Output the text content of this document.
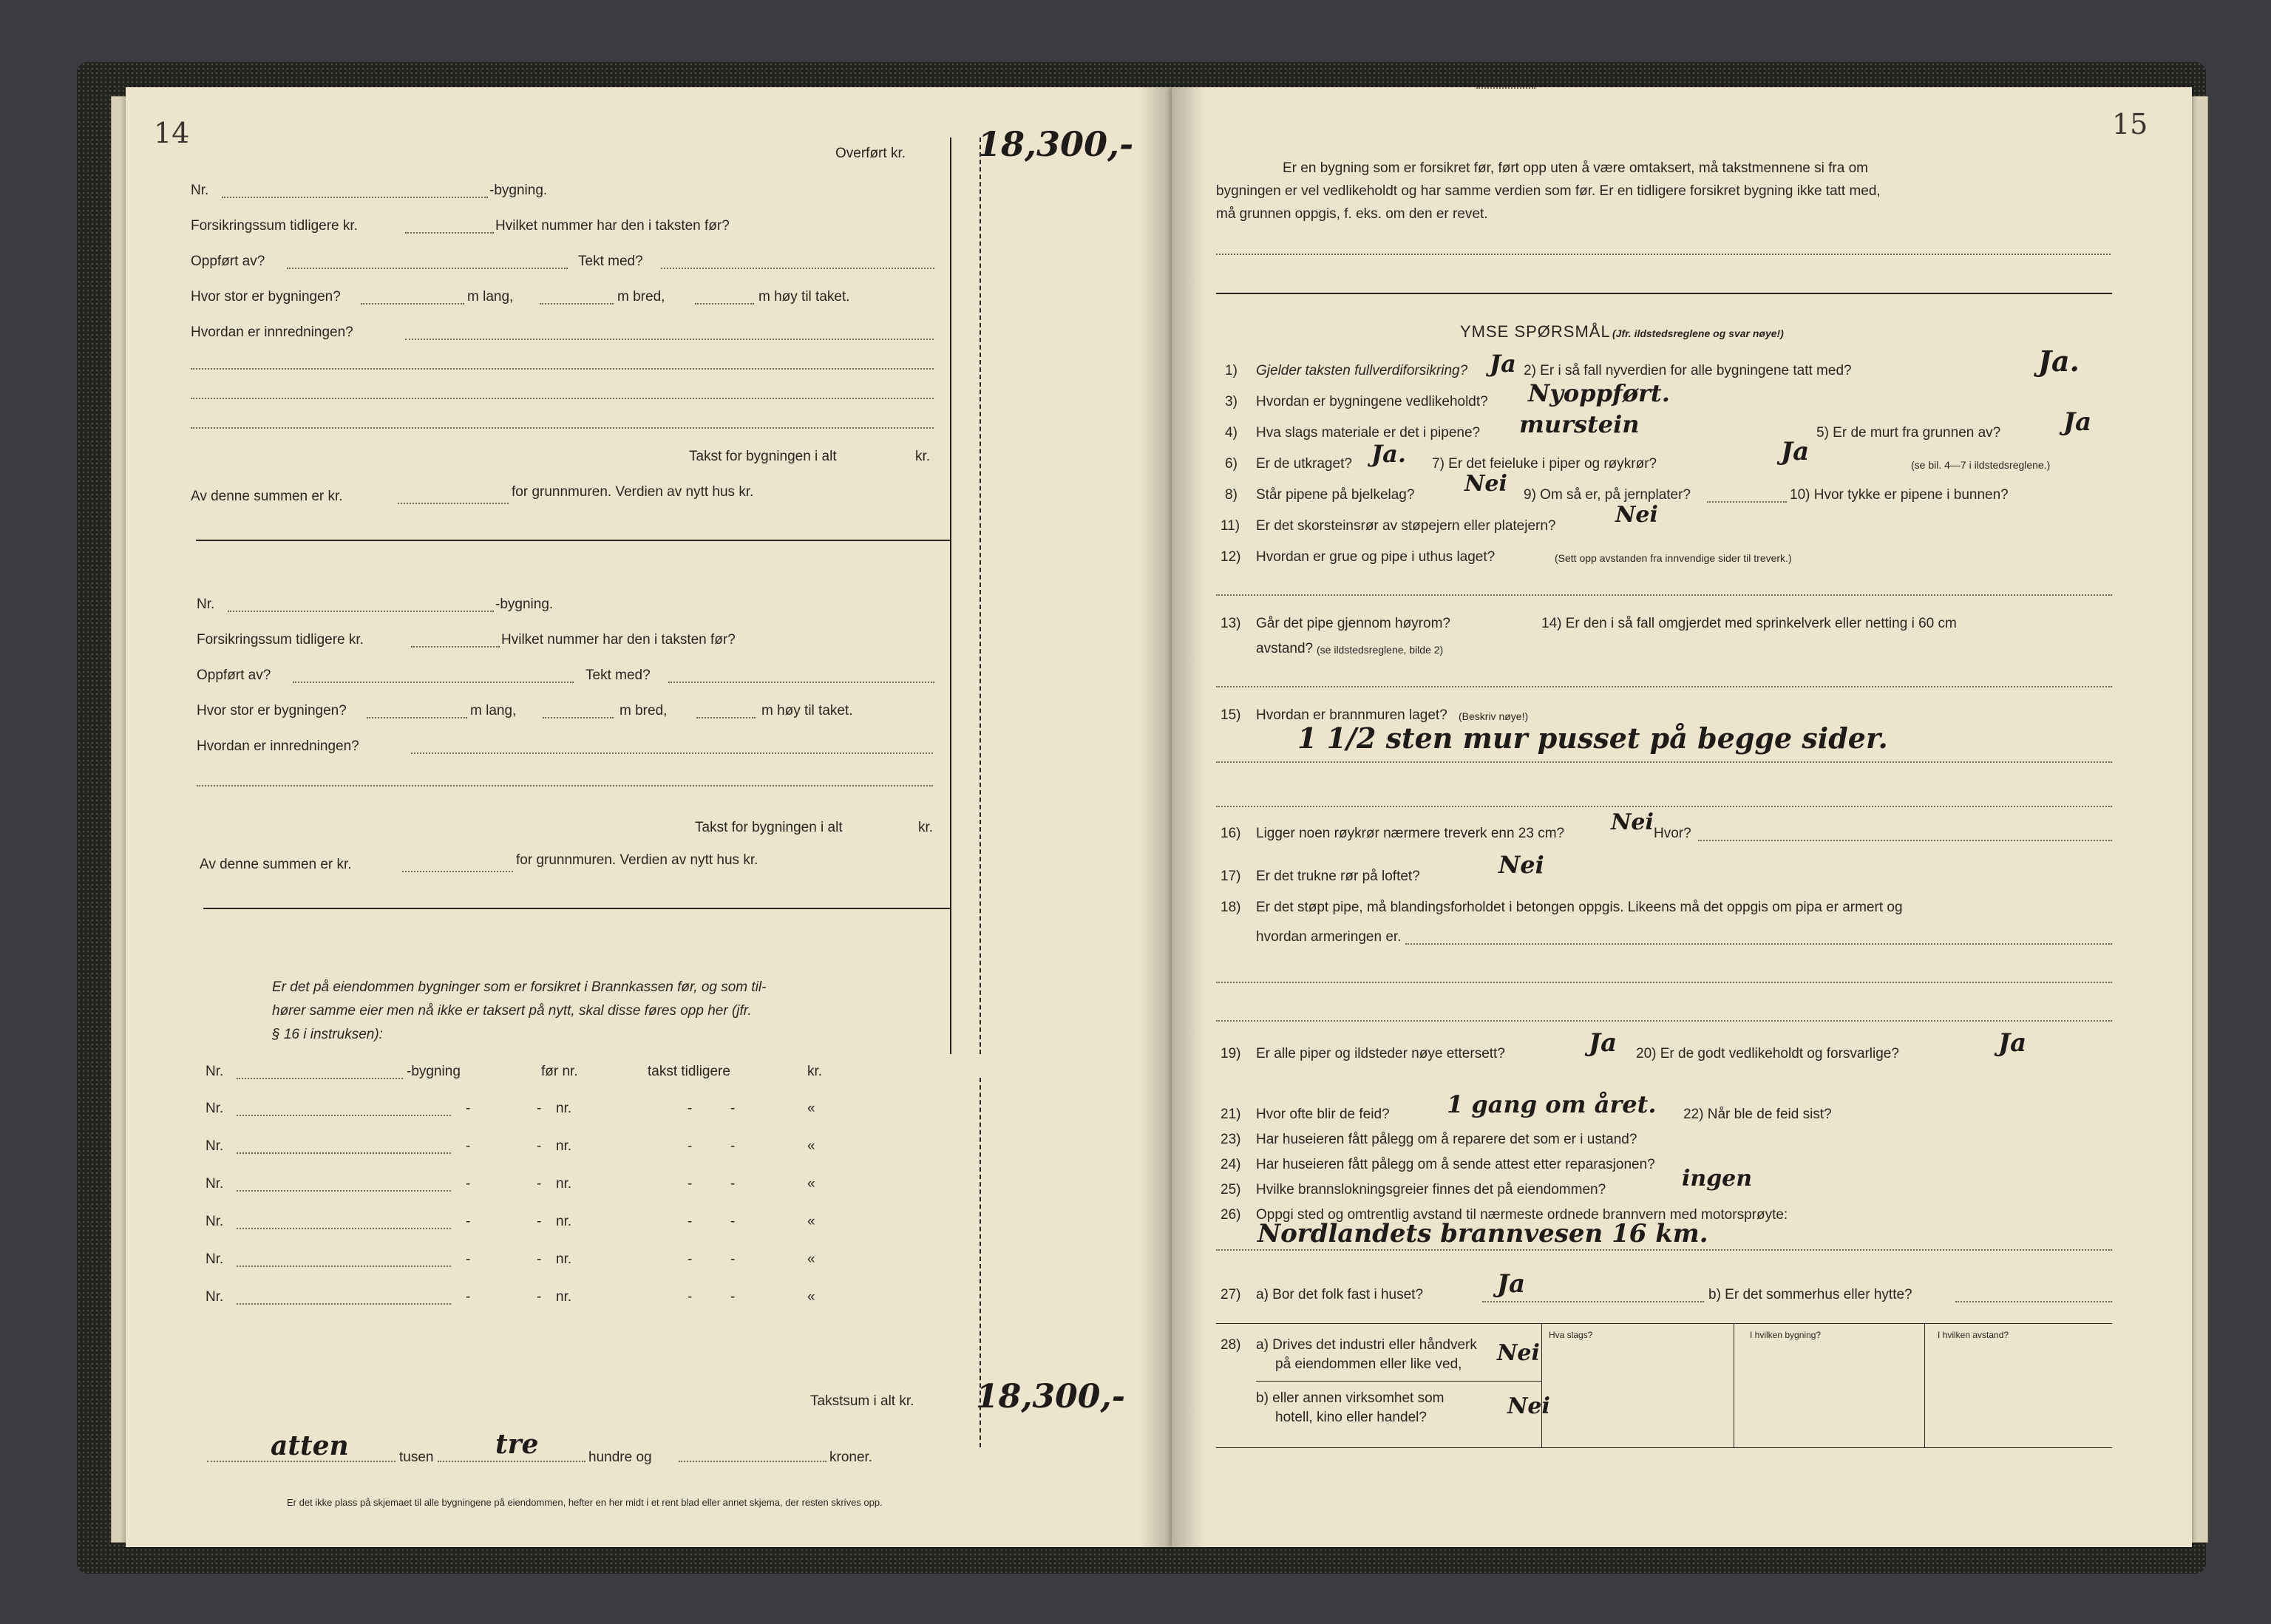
14
Overført kr. 18,300,-
Nr.	-bygning.
Forsikringssum tidligere kr.	Hvilket nummer har den i taksten før?
Oppført av?	Tekt med?
Hvor stor er bygningen?	m lang,	m bred,	m høy til taket.
Hvordan er innredningen?
Takst for bygningen i alt	kr.
Av denne summen er kr.	for grunnmuren. Verdien av nytt hus kr.
Nr.	-bygning.
Forsikringssum tidligere kr.	Hvilket nummer har den i taksten før?
Oppført av?	Tekt med?
Hvor stor er bygningen?	m lang,	m bred,	m høy til taket.
Hvordan er innredningen?
Takst for bygningen i alt	kr.
Av denne summen er kr.	for grunnmuren. Verdien av nytt hus kr.
Er det på eiendommen bygninger som er forsikret i Brannkassen før, og som til-
hører samme eier men nå ikke er taksert på nytt, skal disse føres opp her (jfr.
§ 16 i instruksen):
Nr.	-bygning	før nr.	takst tidligere	kr.
Nr.	-	- nr.	-	-	«
Nr.	-	- nr.	-	-	«
Nr.	-	- nr.	-	-	«
Nr.	-	- nr.	-	-	«
Nr.	-	- nr.	-	-	«
Nr.	-	- nr.	-	-	«
Takstsum i alt kr. 18,300,-
atten	tusen tre	hundre og	kroner.
Er det ikke plass på skjemaet til alle bygningene på eiendommen, hefter en her midt i et rent blad eller annet skjema, der resten skrives opp.
15
Er en bygning som er forsikret før, ført opp uten å være omtaksert, må takstmennene si fra om
bygningen er vel vedlikeholdt og har samme verdien som før. Er en tidligere forsikret bygning ikke tatt med,
må grunnen oppgis, f. eks. om den er revet.
YMSE SPØRSMÅL (Jfr. ildstedsreglene og svar nøye!)
1) Gjelder taksten fullverdiforsikring? Ja 2) Er i så fall nyverdien for alle bygningene tatt med?	Ja.
3) Hvordan er bygningene vedlikeholdt? Nyoppført.
4) Hva slags materiale er det i pipene? murstein	5) Er de murt fra grunnen av? Ja
6) Er de utkraget? Ja. 7) Er det feieluke i piper og røykrør?	Ja	(se bil. 4—7 i ildstedsreglene.)
8) Står pipene på bjelkelag? Nei 9) Om så er, på jernplater?	10) Hvor tykke er pipene i bunnen?
11) Er det skorsteinsrør av støpejern eller platejern?	Nei
12) Hvordan er grue og pipe i uthus laget?	(Sett opp avstanden fra innvendige sider til treverk.)
13) Går det pipe gjennom høyrom?	14) Er den i så fall omgjerdet med sprinkelverk eller netting i 60 cm
avstand? (se ildstedsreglene, bilde 2)
15) Hvordan er brannmuren laget? (Beskriv nøye!)
1 1/2 sten mur pusset på begge sider.
16) Ligger noen røykrør nærmere treverk enn 23 cm? Nei Hvor?
17) Er det trukne rør på loftet?	Nei
18) Er det støpt pipe, må blandingsforholdet i betongen oppgis. Likeens må det oppgis om pipa er armert og
hvordan armeringen er.
19) Er alle piper og ildsteder nøye ettersett?	Ja 20) Er de godt vedlikeholdt og forsvarlige?	Ja
21) Hvor ofte blir de feid? 1 gang om året. 22) Når ble de feid sist?
23) Har huseieren fått pålegg om å reparere det som er i ustand?
24) Har huseieren fått pålegg om å sende attest etter reparasjonen?
25) Hvilke brannslokningsgreier finnes det på eiendommen?	ingen
26) Oppgi sted og omtrentlig avstand til nærmeste ordnede brannvern med motorsprøyte:
Nordlandets brannvesen 16 km.
27) a) Bor det folk fast i huset?	Ja	b) Er det sommerhus eller hytte?
Hva slags?	I hvilken bygning?	I hvilken avstand?
28) a) Drives det industri eller håndverk
på eiendommen eller like ved, Nei
b) eller annen virksomhet som
hotell, kino eller handel?	Nei
